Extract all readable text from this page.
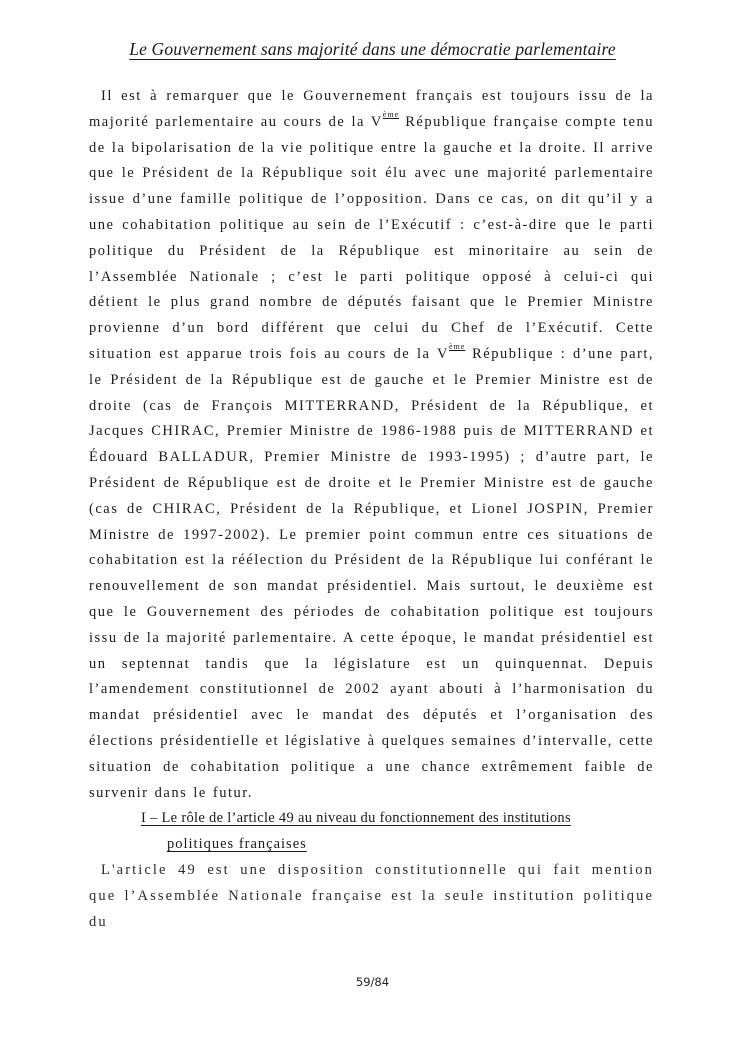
Le Gouvernement sans majorité dans une démocratie parlementaire

Il est à remarquer que le Gouvernement français est toujours issu de la majorité parlementaire au cours de la Vème République française compte tenu de la bipolarisation de la vie politique entre la gauche et la droite. Il arrive que le Président de la République soit élu avec une majorité parlementaire issue d’une famille politique de l’opposition. Dans ce cas, on dit qu’il y a une cohabitation politique au sein de l’Exécutif : c’est-à-dire que le parti politique du Président de la République est minoritaire au sein de l’Assemblée Nationale ; c’est le parti politique opposé à celui-ci qui détient le plus grand nombre de députés faisant que le Premier Ministre provienne d’un bord différent que celui du Chef de l’Exécutif. Cette situation est apparue trois fois au cours de la Vème République : d’une part, le Président de la République est de gauche et le Premier Ministre est de droite (cas de François MITTERRAND, Président de la République, et Jacques CHIRAC, Premier Ministre de 1986-1988 puis de MITTERRAND et Édouard BALLADUR, Premier Ministre de 1993-1995) ; d’autre part, le Président de République est de droite et le Premier Ministre est de gauche (cas de CHIRAC, Président de la République, et Lionel JOSPIN, Premier Ministre de 1997-2002). Le premier point commun entre ces situations de cohabitation est la réélection du Président de la République lui conférant le renouvellement de son mandat présidentiel. Mais surtout, le deuxième est que le Gouvernement des périodes de cohabitation politique est toujours issu de la majorité parlementaire. A cette époque, le mandat présidentiel est un septennat tandis que la législature est un quinquennat. Depuis l’amendement constitutionnel de 2002 ayant abouti à l’harmonisation du mandat présidentiel avec le mandat des députés et l’organisation des élections présidentielle et législative à quelques semaines d’intervalle, cette situation de cohabitation politique a une chance extrêmement faible de survenir dans le futur.

I – Le rôle de l’article 49 au niveau du fonctionnement des institutions
politiques françaises

L'article 49 est une disposition constitutionnelle qui fait mention que l’Assemblée Nationale française est la seule institution politique du

59/84
